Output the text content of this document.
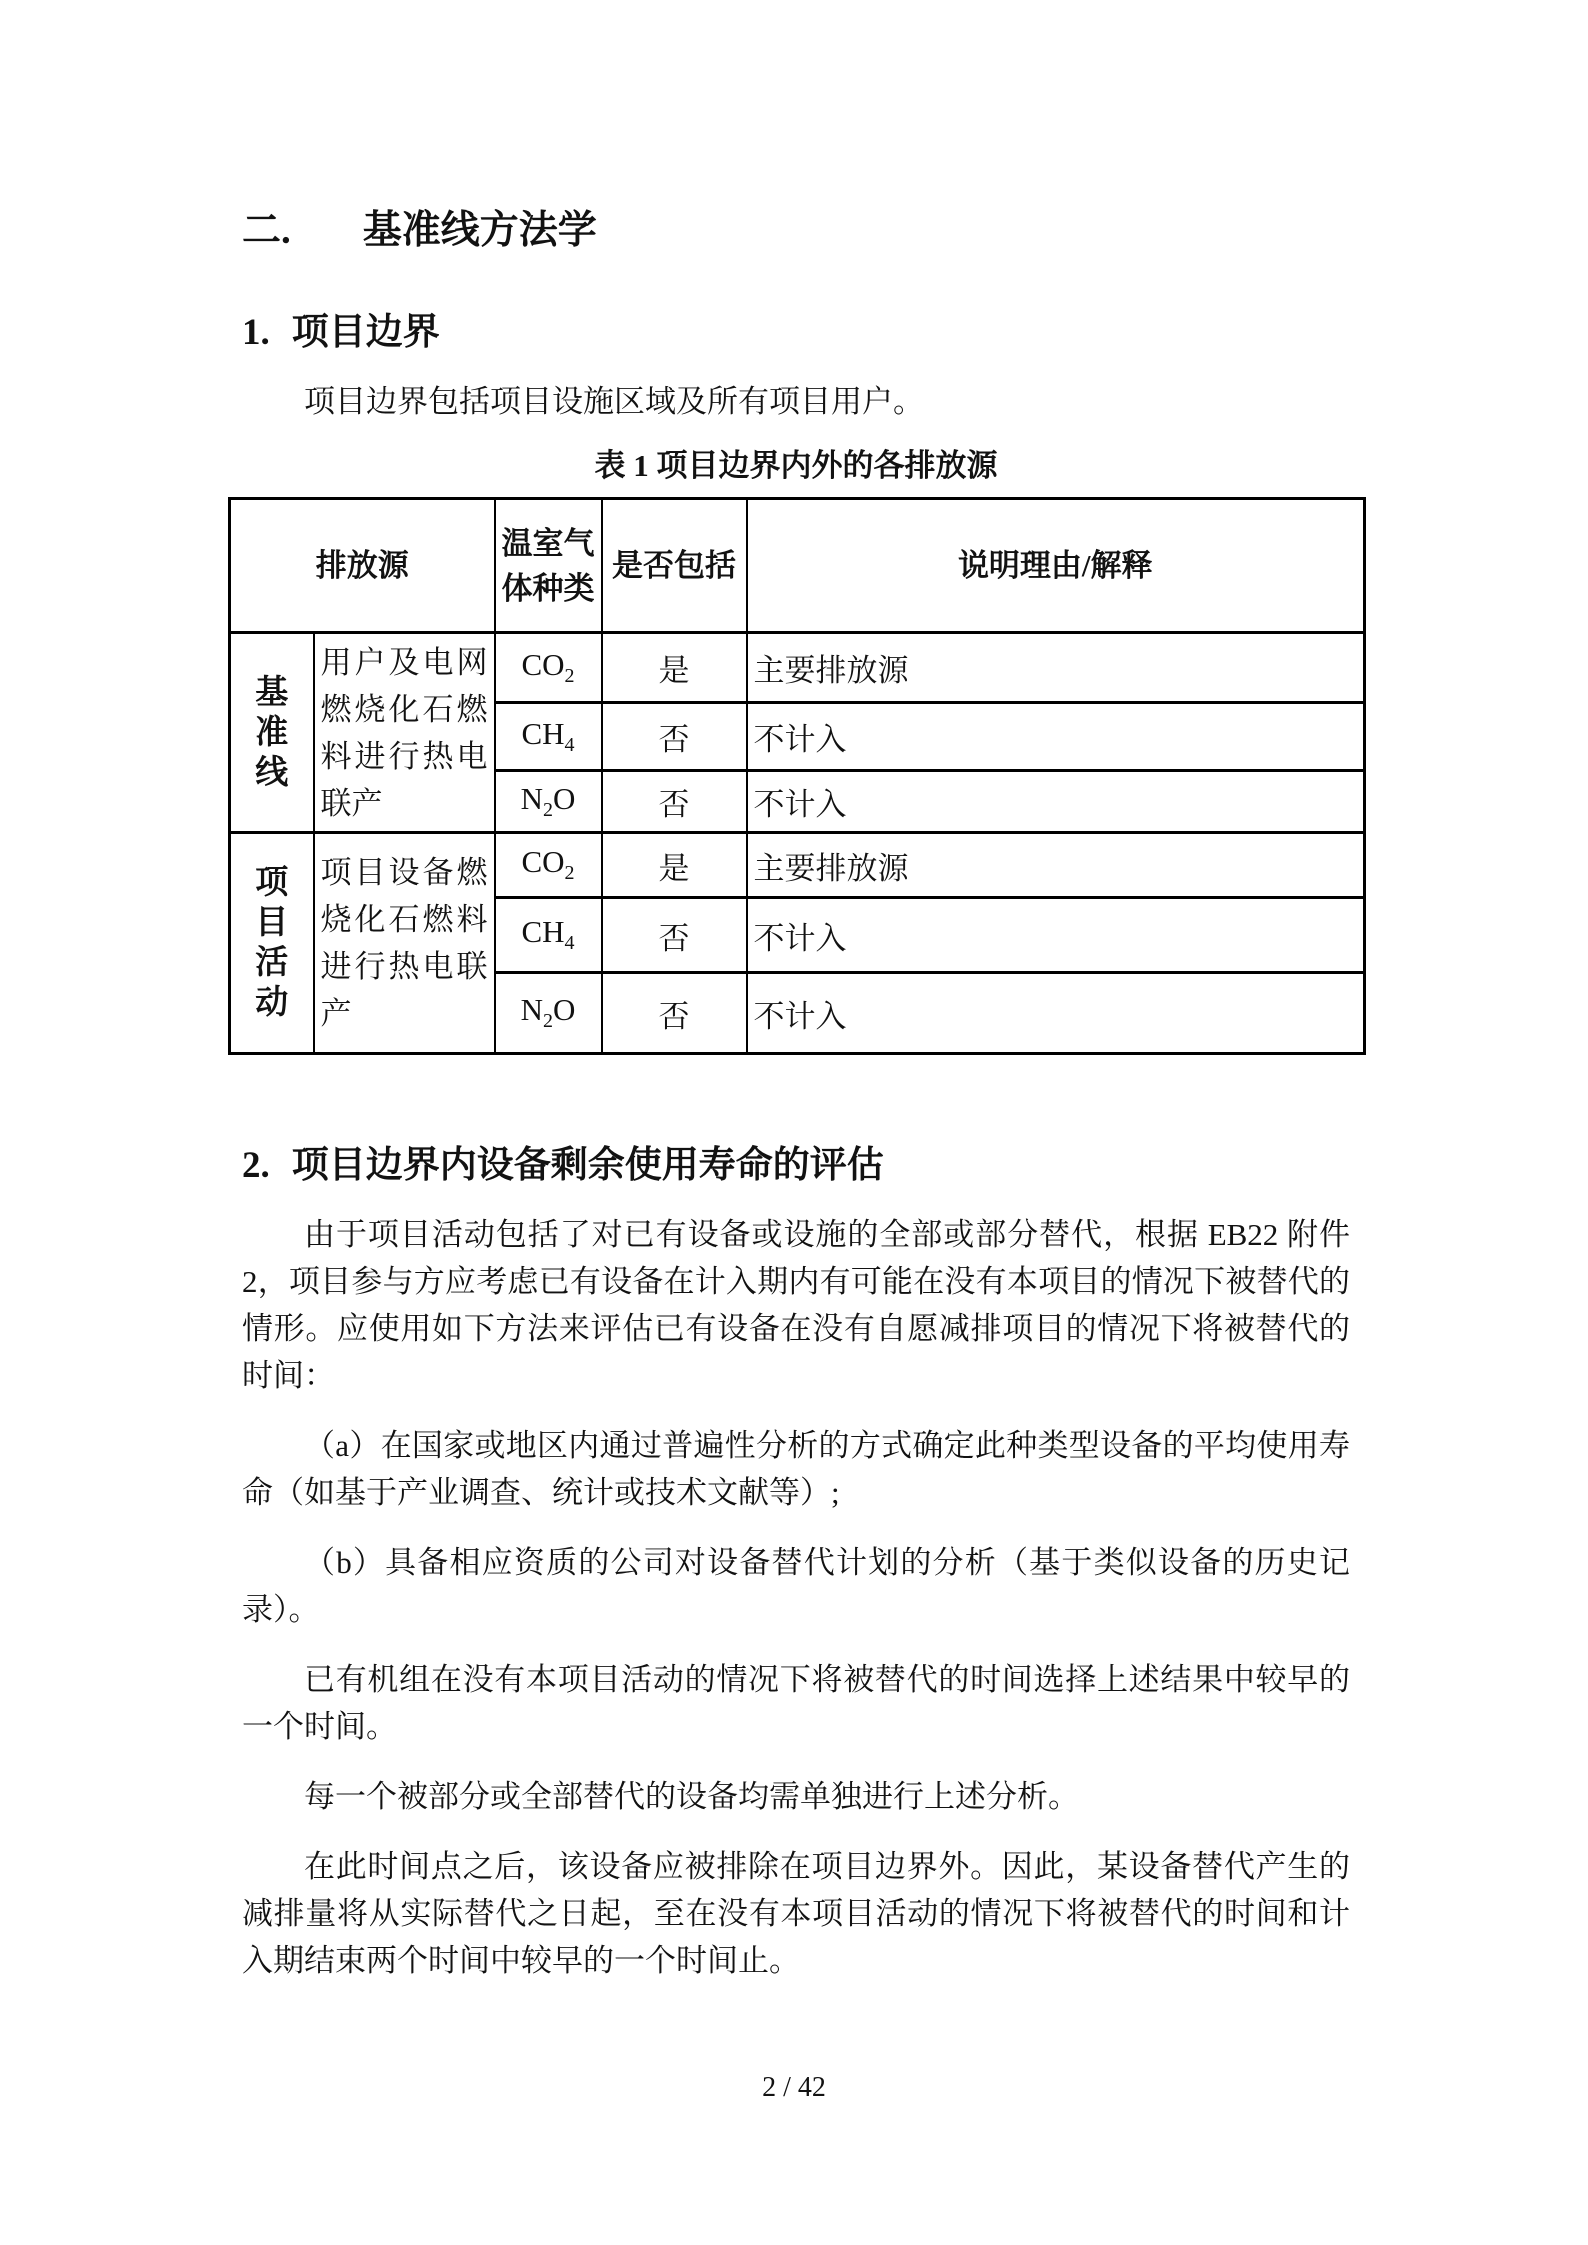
二. 基准线方法学
1. 项目边界

项目边界包括项目设施区域及所有项目用户。

表 1 项目边界内外的各排放源
排放源		温室气体种类	是否包括	说明理由/解释

基准线	用户及电网燃烧化石燃料进行热电联产	$CO_2$	是	主要排放源
		$CH_4$	否	不计入
		$N_2O$	否	不计入

项目活动	项目设备燃烧化石燃料进行热电联产	$CO_2$	是	主要排放源
		$CH_4$	否	不计入
		$N_2O$	否	不计入
2. 项目边界内设备剩余使用寿命的评估

由于项目活动包括了对已有设备或设施的全部或部分替代，根据 EB22 附件 2，项目参与方应考虑已有设备在计入期内有可能在没有本项目的情况下被替代的情形。应使用如下方法来评估已有设备在没有自愿减排项目的情况下将被替代的时间：

（a）在国家或地区内通过普遍性分析的方式确定此种类型设备的平均使用寿命（如基于产业调查、统计或技术文献等）;

（b）具备相应资质的公司对设备替代计划的分析（基于类似设备的历史记录）。

已有机组在没有本项目活动的情况下将被替代的时间选择上述结果中较早的一个时间。

每一个被部分或全部替代的设备均需单独进行上述分析。

在此时间点之后，该设备应被排除在项目边界外。因此，某设备替代产生的减排量将从实际替代之日起，至在没有本项目活动的情况下将被替代的时间和计入期结束两个时间中较早的一个时间止。

2 / 42
